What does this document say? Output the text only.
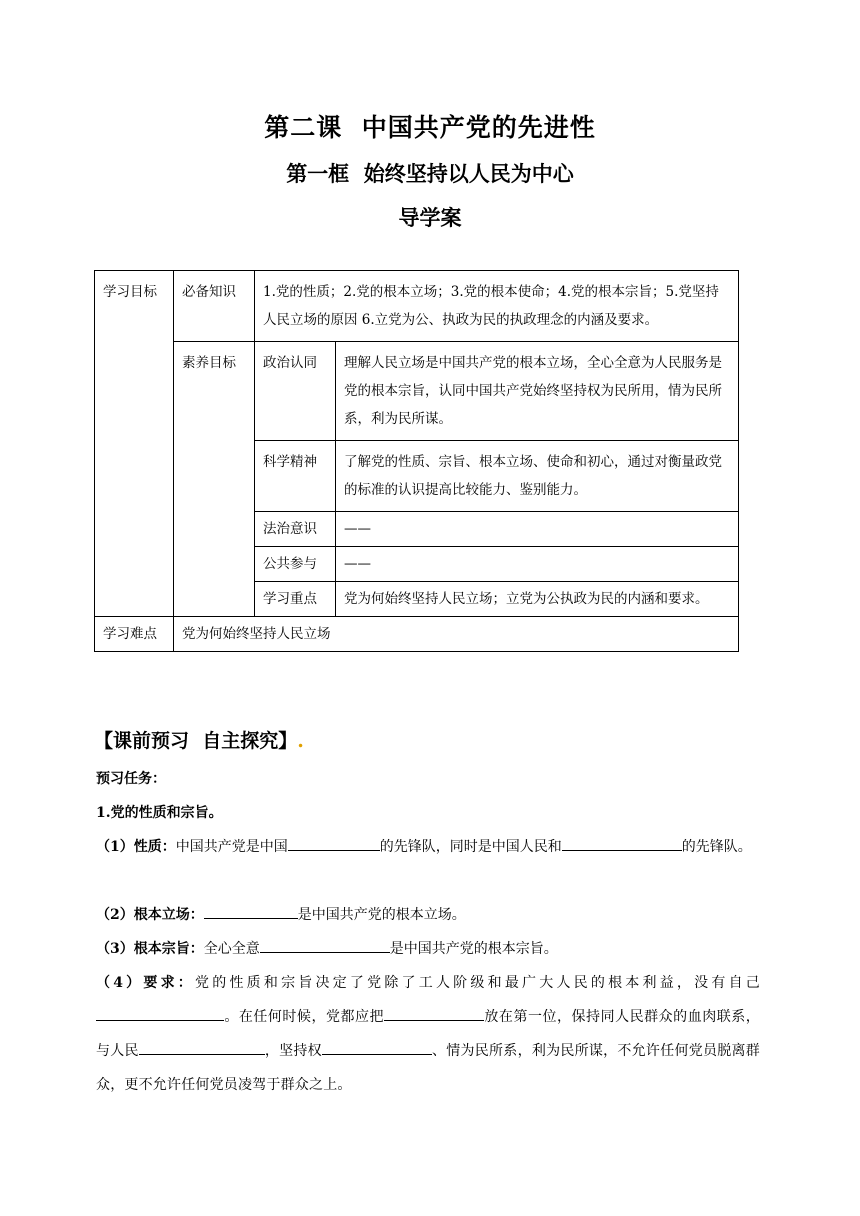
第二课  中国共产党的先进性
第一框  始终坚持以人民为中心
导学案
学习目标	必备知识	1.党的性质；2.党的根本立场；3.党的根本使命；4.党的根本宗旨；5.党坚持人民立场的原因 6.立党为公、执政为民的执政理念的内涵及要求。	
	素养目标	政治认同	理解人民立场是中国共产党的根本立场，全心全意为人民服务是党的根本宗旨，认同中国共产党始终坚持权为民所用，情为民所系，利为民所谋。
		科学精神	了解党的性质、宗旨、根本立场、使命和初心，通过对衡量政党的标准的认识提高比较能力、鉴别能力。
		法治意识	——
		公共参与	——
		学习重点	党为何始终坚持人民立场；立党为公执政为民的内涵和要求。
学习难点	党为何始终坚持人民立场		
【课前预习  自主探究】.
预习任务：
1.党的性质和宗旨。
（1）性质：中国共产党是中国	的先锋队，同时是中国人民和	的先锋队。
（2）根本立场：	是中国共产党的根本立场。
（3）根本宗旨：全心全意	是中国共产党的根本宗旨。
（4）要求：党的性质和宗旨决定了党除了工人阶级和最广大人民的根本利益，没有自己。在任何时候，党都应把	放在第一位，保持同人民群众的血肉联系，与人民	，坚持权	、情为民所系，利为民所谋，不允许任何党员脱离群众，更不允许任何党员凌驾于群众之上。
